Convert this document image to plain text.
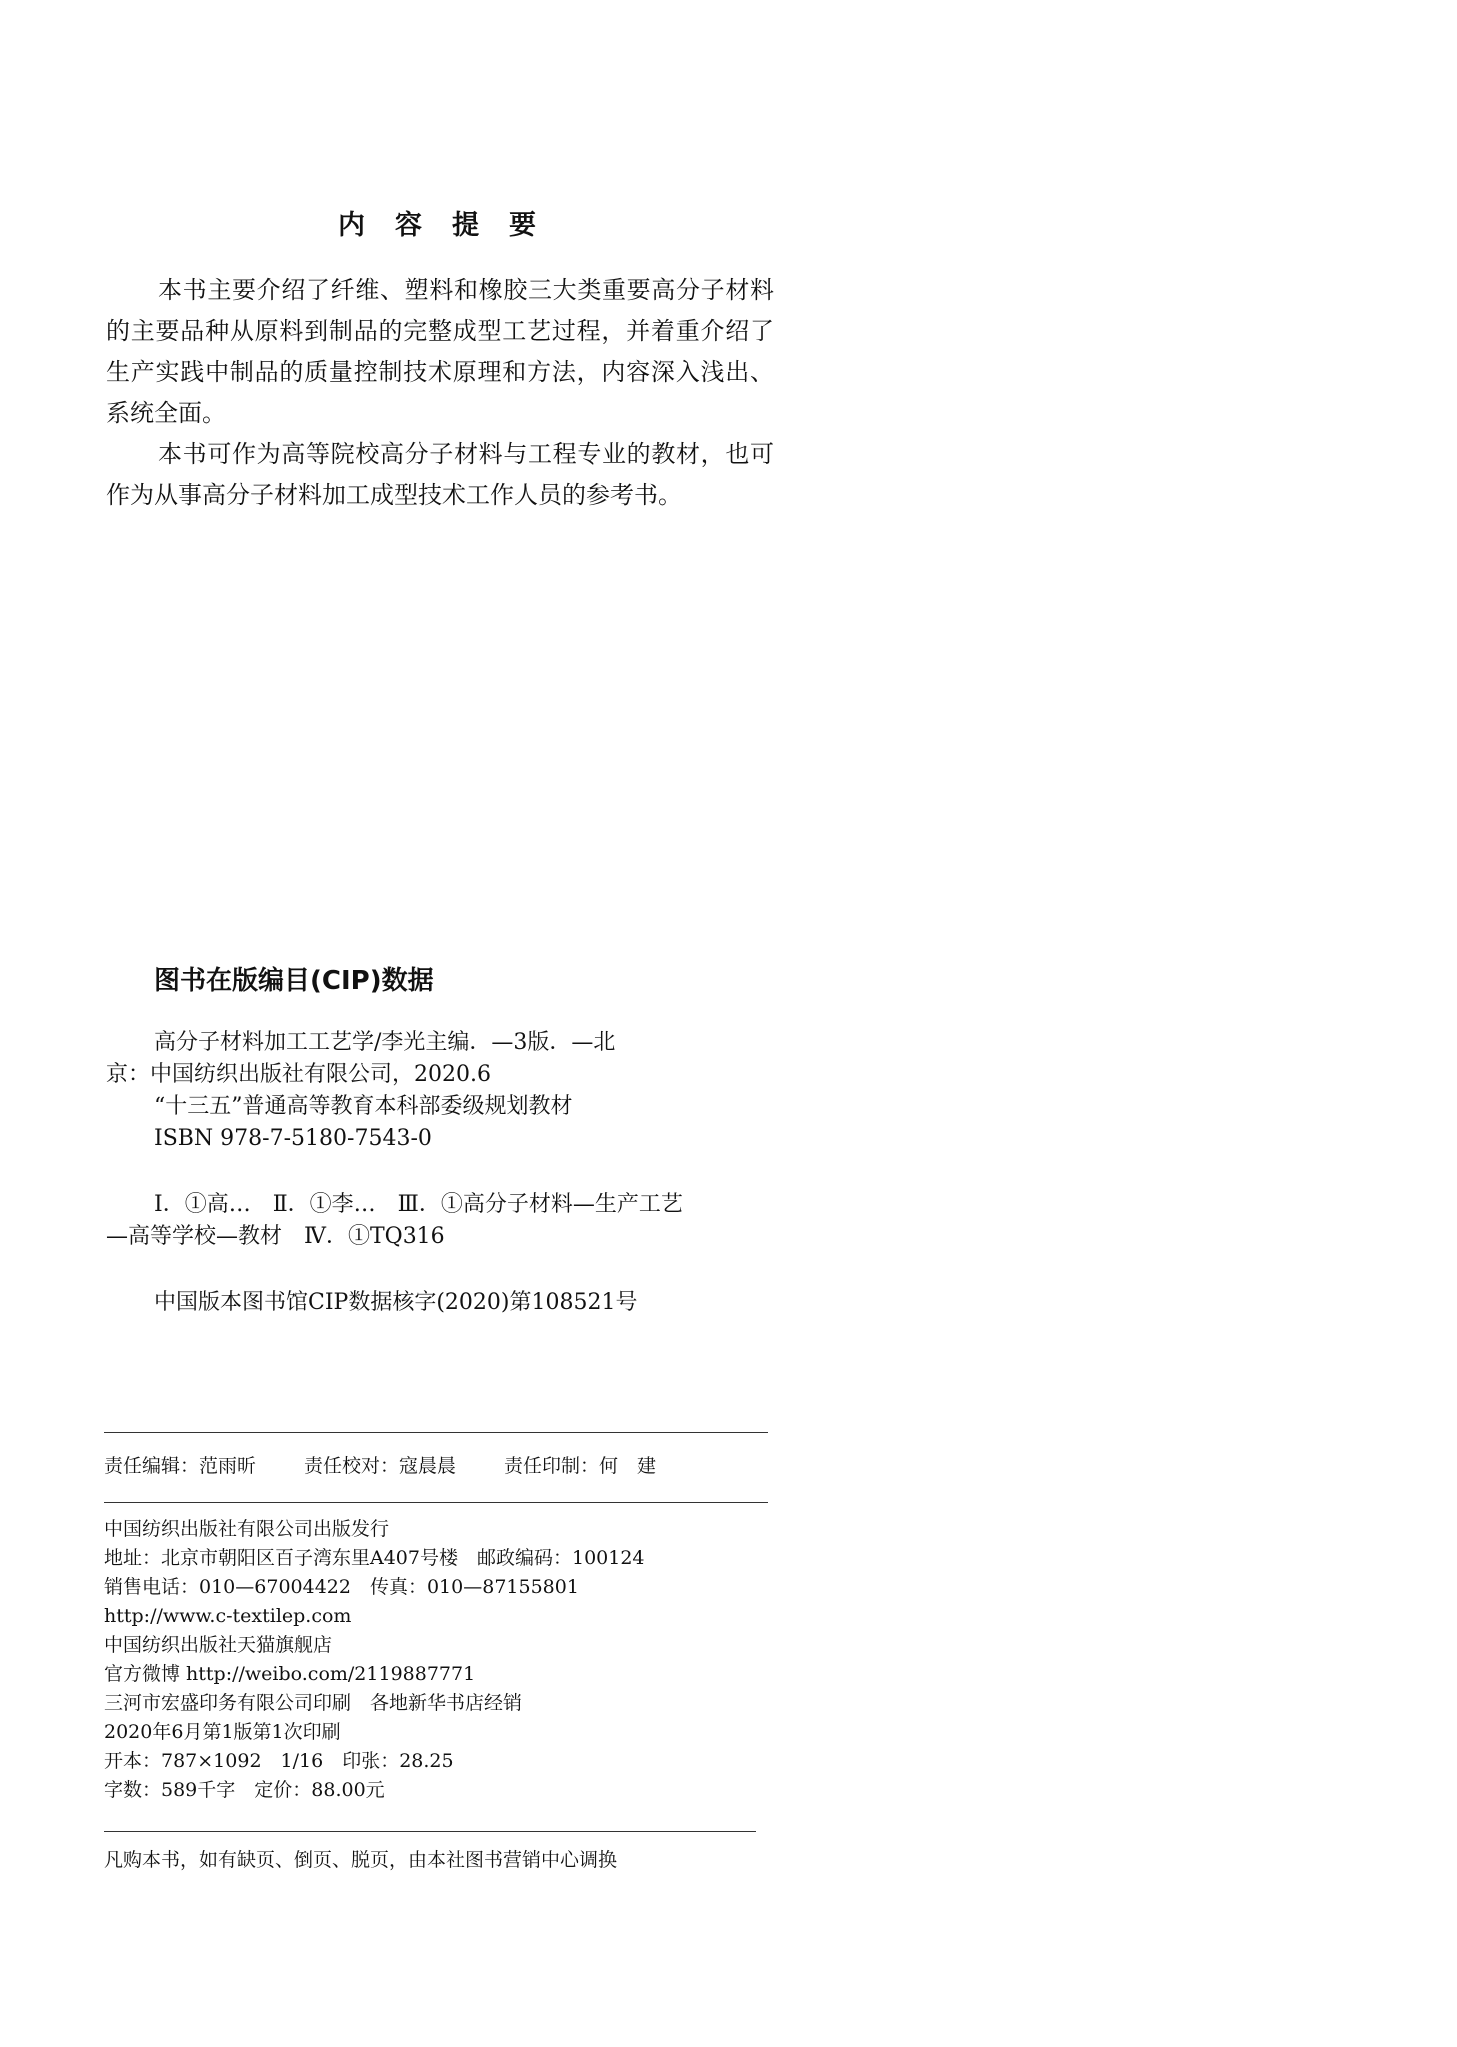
内容提要

本书主要介绍了纤维、塑料和橡胶三大类重要高分子材料的主要品种从原料到制品的完整成型工艺过程，并着重介绍了生产实践中制品的质量控制技术原理和方法，内容深入浅出、系统全面。

本书可作为高等院校高分子材料与工程专业的教材，也可作为从事高分子材料加工成型技术工作人员的参考书。

图书在版编目(CIP)数据
高分子材料加工工艺学/李光主编．—3版．—北
京：中国纺织出版社有限公司，2020.6
“十三五”普通高等教育本科部委级规划教材
ISBN 978-7-5180-7543-0
Ⅰ．①高…　Ⅱ．①李…　Ⅲ．①高分子材料—生产工艺
—高等学校—教材　Ⅳ．①TQ316
中国版本图书馆CIP数据核字(2020)第108521号
责任编辑：范雨昕	责任校对：寇晨晨	责任印制：何　建
中国纺织出版社有限公司出版发行
地址：北京市朝阳区百子湾东里A407号楼　邮政编码：100124
销售电话：010—67004422　传真：010—87155801
http://www.c-textilep.com
中国纺织出版社天猫旗舰店
官方微博 http://weibo.com/2119887771
三河市宏盛印务有限公司印刷　各地新华书店经销
2020年6月第1版第1次印刷
开本：787×1092　1/16　印张：28.25
字数：589千字　定价：88.00元
凡购本书，如有缺页、倒页、脱页，由本社图书营销中心调换
